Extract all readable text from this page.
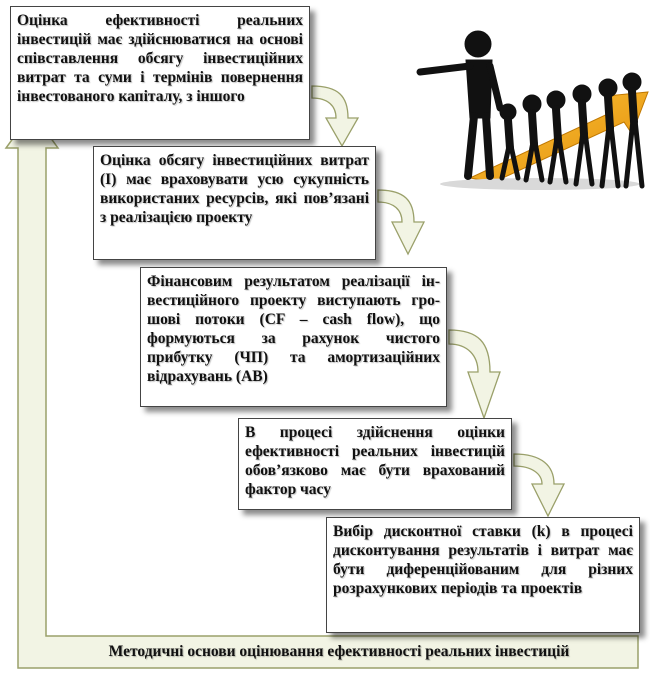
Оцінка ефективності реальних інвестицій має здійснюватися на основі співставлення обсягу інвестиційних витрат та суми і термінів повернення інвестованого капіталу, з іншого
Оцінка обсягу інвестиційних витрат (I) має враховувати усю сукупність використаних ресурсів, які пов’язані з реалізацією проекту
Фінансовим результатом реалізації ін-вестиційного проекту виступають гро-шові потоки (CF – cash flow), що формуються за рахунок чистого прибутку (ЧП) та амортизаційних відрахувань (АВ)
В процесі здійснення оцінки ефективності реальних інвестицій обов’язково має бути врахований фактор часу
Вибір дисконтної ставки (k) в процесі дисконтування результатів і витрат має бути диференційованим для різних розрахункових періодів та проектів
Методичні основи оцінювання ефективності реальних інвестицій
